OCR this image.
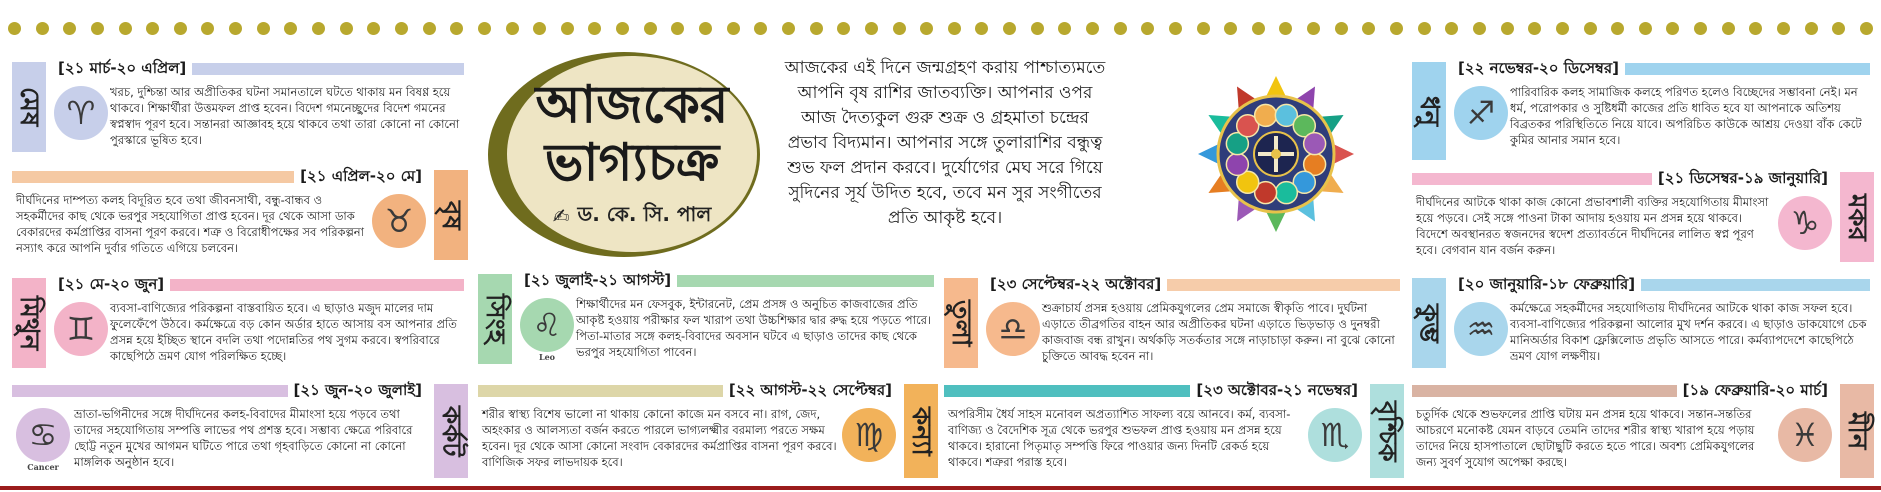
আজকের
ভাগ্যচক্র
✍ ড. কে. সি. পাল
আজকের এই দিনে জন্মগ্রহণ করায় পাশ্চাত্যমতে আপনি বৃষ রাশির জাতব্যক্তি। আপনার ওপর আজ দৈত্যকুল গুরু শুক্র ও গ্রহমাতা চন্দ্রের প্রভাব বিদ্যমান। আপনার সঙ্গে তুলারাশির বন্ধুত্ব শুভ ফল প্রদান করবে। দুর্যোগের মেঘ সরে গিয়ে সুদিনের সূর্য উদিত হবে, তবে মন সুর সংগীতের প্রতি আকৃষ্ট হবে।
মেষ
[২১ মার্চ-২০ এপ্রিল]
♈
খরচ, দুশ্চিন্তা আর অপ্রীতিকর ঘটনা সমানতালে ঘটতে থাকায় মন বিষণ্ণ হয়ে থাকবে। শিক্ষার্থীরা উত্তমফল প্রাপ্ত হবেন। বিদেশ গমনেচ্ছুদের বিদেশ গমনের স্বপ্নস্বাদ পূরণ হবে। সন্তানরা আজ্ঞাবহ হয়ে থাকবে তথা তারা কোনো না কোনো পুরস্কারে ভূষিত হবে।
বৃষ
[২১ এপ্রিল-২০ মে]
♉
দীর্ঘদিনের দাম্পত্য কলহ বিদূরিত হবে তথা জীবনসাথী, বন্ধু-বান্ধব ও সহকর্মীদের কাছ থেকে ভরপুর সহযোগিতা প্রাপ্ত হবেন। দূর থেকে আসা ডাক বেকারদের কর্মপ্রাপ্তির বাসনা পূরণ করবে। শত্রু ও বিরোধীপক্ষের সব পরিকল্পনা নস্যাৎ করে আপনি দুর্বার গতিতে এগিয়ে চলবেন।
মিথুন
[২১ মে-২০ জুন]
♊
ব্যবসা-বাণিজ্যের পরিকল্পনা বাস্তবায়িত হবে। এ ছাড়াও মজুদ মালের দাম ফুলেফেঁপে উঠবে। কর্মক্ষেত্রে বড় কোন অর্ডার হাতে আসায় বস আপনার প্রতি প্রসন্ন হয়ে ইচ্ছিত স্থানে বদলি তথা পদোন্নতির পথ সুগম করবে। স্বপরিবারে কাছেপিঠে ভ্রমণ যোগ পরিলক্ষিত হচ্ছে।
কর্কট
[২১ জুন-২০ জুলাই]
♋
Cancer
ভ্রাতা-ভগিনীদের সঙ্গে দীর্ঘদিনের কলহ-বিবাদের মীমাংসা হয়ে পড়বে তথা তাদের সহযোগিতায় সম্পত্তি লাভের পথ প্রশস্ত হবে। সম্ভাব্য ক্ষেত্রে পরিবারে ছোট্ট নতুন মুখের আগমন ঘটিতে পারে তথা গৃহবাড়িতে কোনো না কোনো মাঙ্গলিক অনুষ্ঠান হবে।
সিংহ
[২১ জুলাই-২১ আগস্ট]
♌
Leo
শিক্ষার্থীদের মন ফেসবুক, ইন্টারনেট, প্রেম প্রসঙ্গ ও অনুচিত কাজবাজের প্রতি আকৃষ্ট হওয়ায় পরীক্ষার ফল খারাপ তথা উচ্চশিক্ষার দ্বার রুদ্ধ হয়ে পড়তে পারে। পিতা-মাতার সঙ্গে কলহ-বিবাদের অবসান ঘটবে এ ছাড়াও তাদের কাছ থেকে ভরপুর সহযোগিতা পাবেন।
কন্যা
[২২ আগস্ট-২২ সেপ্টেম্বর]
♍
শরীর স্বাস্থ্য বিশেষ ভালো না থাকায় কোনো কাজে মন বসবে না। রাগ, জেদ, অহংকার ও আলস্যতা বর্জন করতে পারলে ভাগ্যলক্ষ্মীর বরমাল্য পরতে সক্ষম হবেন। দূর থেকে আসা কোনো সংবাদ বেকারদের কর্মপ্রাপ্তির বাসনা পূরণ করবে। বাণিজিক সফর লাভদায়ক হবে।
তুলা
[২৩ সেপ্টেম্বর-২২ অক্টোবর]
♎
শুক্রাচার্য প্রসন্ন হওয়ায় প্রেমিকযুগলের প্রেম সমাজে স্বীকৃতি পাবে। দুর্ঘটনা এড়াতে তীব্রগতির বাহন আর অপ্রীতিকর ঘটনা এড়াতে ভিড়ভাড় ও দুনম্বরী কাজবাজ বন্ধ রাখুন। অর্থকড়ি সতর্কতার সঙ্গে নাড়াচাড়া করুন। না বুঝে কোনো চুক্তিতে আবদ্ধ হবেন না।
বৃশ্চিক
[২৩ অক্টোবর-২১ নভেম্বর]
♏
অপরিসীম ধৈর্য সাহস মনোবল অপ্রত্যাশিত সাফল্য বয়ে আনবে। কর্ম, ব্যবসা-বাণিজ্য ও বৈদেশিক সূত্র থেকে ভরপুর শুভফল প্রাপ্ত হওয়ায় মন প্রসন্ন হয়ে থাকবে। হারানো পিতৃমাতৃ সম্পত্তি ফিরে পাওয়ার জন্য দিনটি রেকর্ড হয়ে থাকবে। শত্রুরা পরাস্ত হবে।
ধনু
[২২ নভেম্বর-২০ ডিসেম্বর]
♐
পারিবারিক কলহ সামাজিক কলহে পরিণত হলেও বিচ্ছেদের সম্ভাবনা নেই। মন ধর্ম, পরোপকার ও সুষ্টিধর্মী কাজের প্রতি ধাবিত হবে যা আপনাকে অতিশয় বিব্রতকর পরিস্থিতিতে নিয়ে যাবে। অপরিচিত কাউকে আশ্রয় দেওয়া বাঁক কেটে কুমির আনার সমান হবে।
মকর
[২১ ডিসেম্বর-১৯ জানুয়ারি]
♑
দীর্ঘদিনের আটকে থাকা কাজ কোনো প্রভাবশালী ব্যক্তির সহযোগিতায় মীমাংসা হয়ে পড়বে। সেই সঙ্গে পাওনা টাকা আদায় হওয়ায় মন প্রসন্ন হয়ে থাকবে। বিদেশে অবস্থানরত স্বজনদের স্বদেশ প্রত্যাবর্তনে দীর্ঘদিনের লালিত স্বপ্ন পূরণ হবে। বেগবান যান বর্জন করুন।
কুম্ভ
[২০ জানুয়ারি-১৮ ফেব্রুয়ারি]
♒
কর্মক্ষেত্রে সহকর্মীদের সহযোগিতায় দীর্ঘদিনের আটকে থাকা কাজ সফল হবে। ব্যবসা-বাণিজ্যের পরিকল্পনা আলোর মুখ দর্শন করবে। এ ছাড়াও ডাকযোগে চেক মানিঅর্ডার বিকাশ ফ্লেক্সিলোড প্রভৃতি আসতে পারে। কর্মব্যাপদেশে কাছেপিঠে ভ্রমণ যোগ লক্ষণীয়।
মীন
[১৯ ফেব্রুয়ারি-২০ মার্চ]
♓
চতুর্দিক থেকে শুভফলের প্রাপ্তি ঘটায় মন প্রসন্ন হয়ে থাকবে। সন্তান-সন্ততির আচরণে মনোকষ্ট যেমন বাড়বে তেমনি তাদের শরীর স্বাস্থ্য খারাপ হয়ে পড়ায় তাদের নিয়ে হাসপাতালে ছোটাছুটি করতে হতে পারে। অবশ্য প্রেমিকযুগলের জন্য সুবর্ণ সুযোগ অপেক্ষা করছে।
